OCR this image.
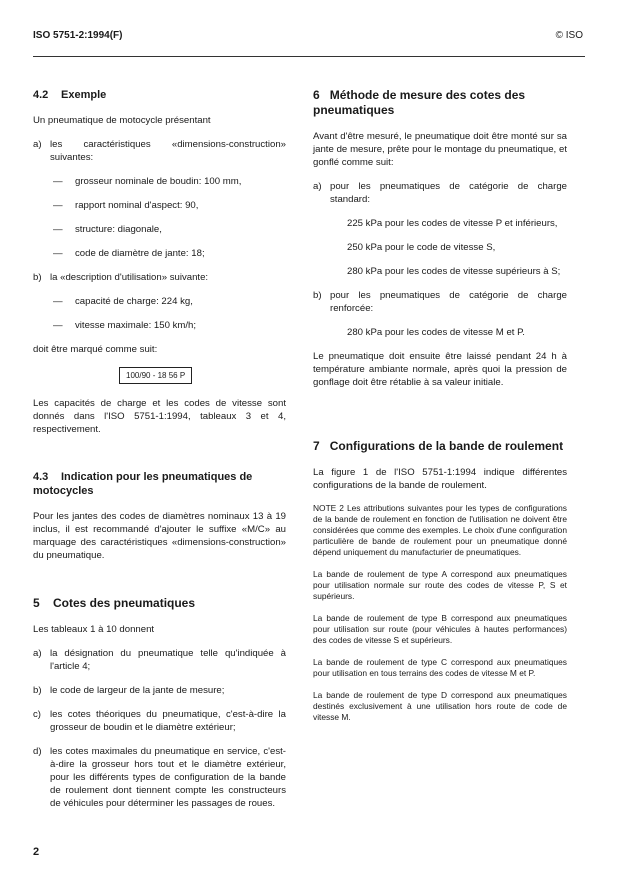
ISO 5751-2:1994(F)	© ISO
4.2 Exemple

Un pneumatique de motocycle présentant

a) les caractéristiques «dimensions-construction» suivantes:
—	grosseur nominale de boudin: 100 mm,
—	rapport nominal d'aspect: 90,
—	structure: diagonale,
—	code de diamètre de jante: 18;
b) la «description d'utilisation» suivante:
—	capacité de charge: 224 kg,
—	vitesse maximale: 150 km/h;

doit être marqué comme suit:

100/90 - 18 56 P

Les capacités de charge et les codes de vitesse sont donnés dans l'ISO 5751-1:1994, tableaux 3 et 4, respectivement.

4.3 Indication pour les pneumatiques de motocycles

Pour les jantes des codes de diamètres nominaux 13 à 19 inclus, il est recommandé d'ajouter le suffixe «M/C» au marquage des caractéristiques «dimensions-construction» du pneumatique.

5 Cotes des pneumatiques

Les tableaux 1 à 10 donnent

a) la désignation du pneumatique telle qu'indiquée à l'article 4;
b) le code de largeur de la jante de mesure;
c) les cotes théoriques du pneumatique, c'est-à-dire la grosseur de boudin et le diamètre extérieur;
d) les cotes maximales du pneumatique en service, c'est-à-dire la grosseur hors tout et le diamètre extérieur, pour les différents types de configuration de la bande de roulement dont tiennent compte les constructeurs de véhicules pour déterminer les passages de roues.
6 Méthode de mesure des cotes des pneumatiques

Avant d'être mesuré, le pneumatique doit être monté sur sa jante de mesure, prête pour le montage du pneumatique, et gonflé comme suit:

a) pour les pneumatiques de catégorie de charge standard:

225 kPa pour les codes de vitesse P et inférieurs,

250 kPa pour le code de vitesse S,

280 kPa pour les codes de vitesse supérieurs à S;

b) pour les pneumatiques de catégorie de charge renforcée:

280 kPa pour les codes de vitesse M et P.

Le pneumatique doit ensuite être laissé pendant 24 h à température ambiante normale, après quoi la pression de gonflage doit être rétablie à sa valeur initiale.

7 Configurations de la bande de roulement

La figure 1 de l'ISO 5751-1:1994 indique différentes configurations de la bande de roulement.

NOTE 2 Les attributions suivantes pour les types de configurations de la bande de roulement en fonction de l'utilisation ne doivent être considérées que comme des exemples. Le choix d'une configuration particulière de bande de roulement pour un pneumatique donné dépend uniquement du manufacturier de pneumatiques.

La bande de roulement de type A correspond aux pneumatiques pour utilisation normale sur route des codes de vitesse P, S et supérieurs.

La bande de roulement de type B correspond aux pneumatiques pour utilisation sur route (pour véhicules à hautes performances) des codes de vitesse S et supérieurs.

La bande de roulement de type C correspond aux pneumatiques pour utilisation en tous terrains des codes de vitesse M et P.

La bande de roulement de type D correspond aux pneumatiques destinés exclusivement à une utilisation hors route de code de vitesse M.

2
